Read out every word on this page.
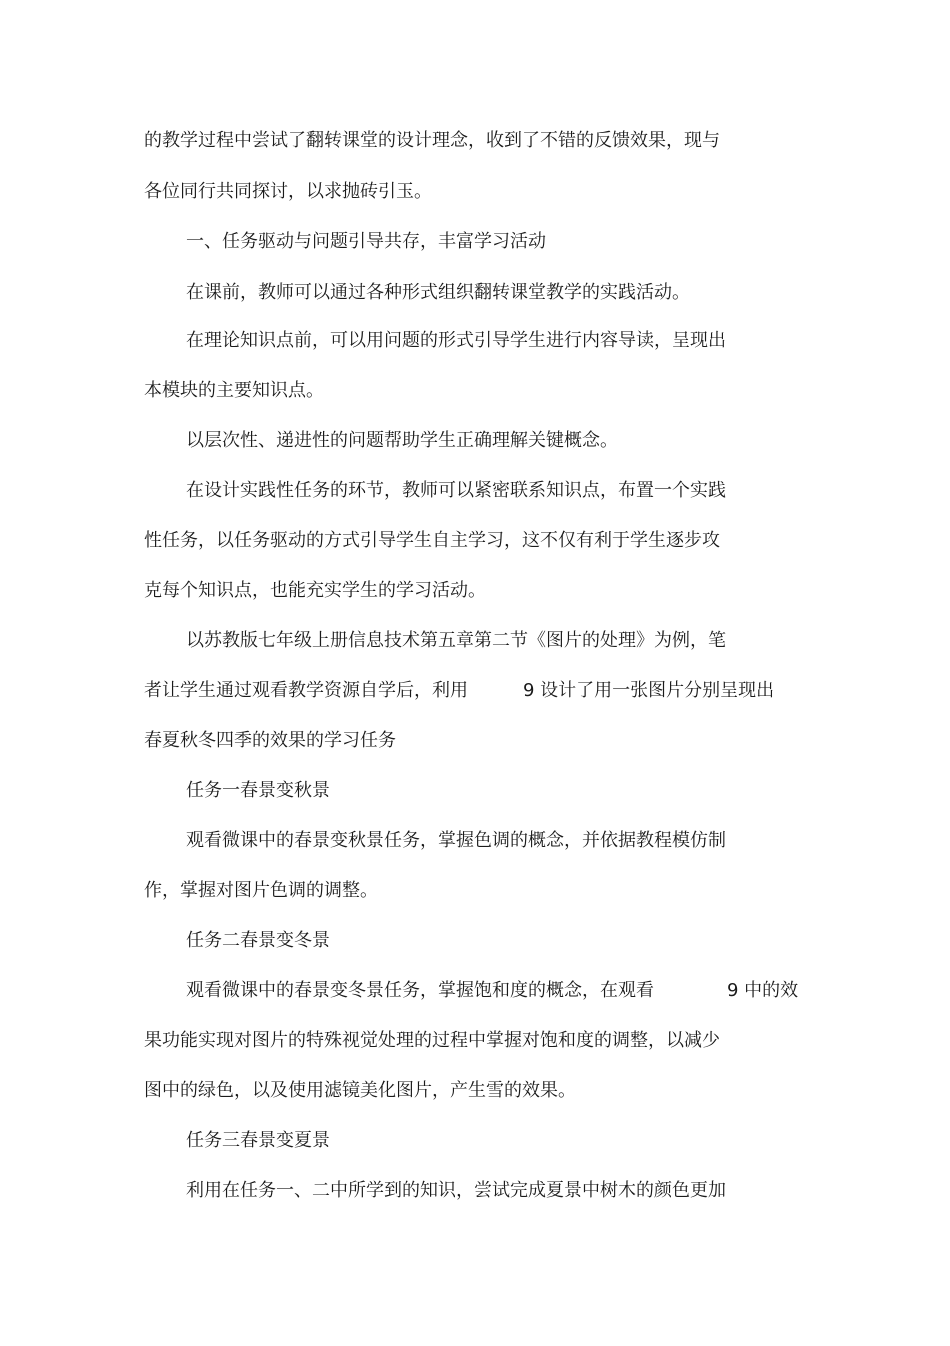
的教学过程中尝试了翻转课堂的设计理念，收到了不错的反馈效果，现与
各位同行共同探讨，以求抛砖引玉。
一、任务驱动与问题引导共存，丰富学习活动
在课前，教师可以通过各种形式组织翻转课堂教学的实践活动。
在理论知识点前，可以用问题的形式引导学生进行内容导读，呈现出
本模块的主要知识点。
以层次性、递进性的问题帮助学生正确理解关键概念。
在设计实践性任务的环节，教师可以紧密联系知识点，布置一个实践
性任务，以任务驱动的方式引导学生自主学习，这不仅有利于学生逐步攻
克每个知识点，也能充实学生的学习活动。
以苏教版七年级上册信息技术第五章第二节《图片的处理》为例，笔
者让学生通过观看教学资源自学后，利用	9 设计了用一张图片分别呈现出
春夏秋冬四季的效果的学习任务
任务一春景变秋景
观看微课中的春景变秋景任务，掌握色调的概念，并依据教程模仿制
作，掌握对图片色调的调整。
任务二春景变冬景
观看微课中的春景变冬景任务，掌握饱和度的概念，在观看	9 中的效
果功能实现对图片的特殊视觉处理的过程中掌握对饱和度的调整，以减少
图中的绿色，以及使用滤镜美化图片，产生雪的效果。
任务三春景变夏景
利用在任务一、二中所学到的知识，尝试完成夏景中树木的颜色更加
